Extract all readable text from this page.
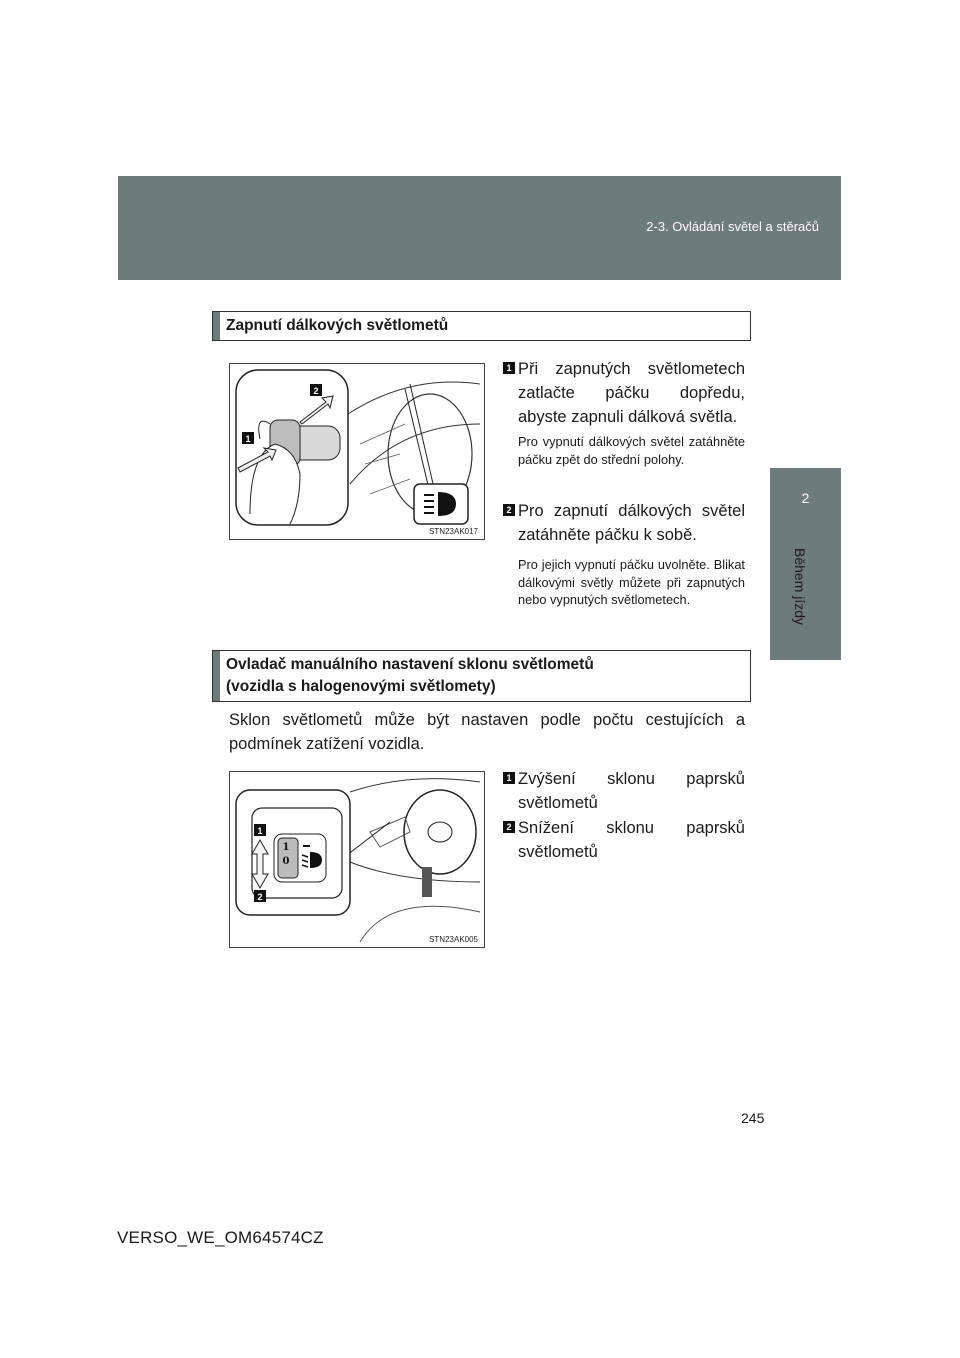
2-3. Ovládání světel a stěračů
2
Zapnutí dálkových světlometů
2
1
STN23AK017
1 Při zapnutých světlometech zatlačte páčku dopředu, abyste zapnuli dálková světla.
Pro vypnutí dálkových světel zatáhněte páčku zpět do střední polohy.
2 Pro zapnutí dálkových světel zatáhněte páčku k sobě.
Pro jejich vypnutí páčku uvolněte. Blikat dálkovými světly můžete při zapnutých nebo vypnutých světlometech.
Ovladač manuálního nastavení sklonu světlometů
(vozidla s halogenovými světlomety)
Sklon světlometů může být nastaven podle počtu cestujících a podmínek zatížení vozidla.
1
0
1
2
STN23AK005
1 Zvýšení sklonu paprsků světlometů
2 Snížení sklonu paprsků světlometů
245
VERSO_WE_OM64574CZ
